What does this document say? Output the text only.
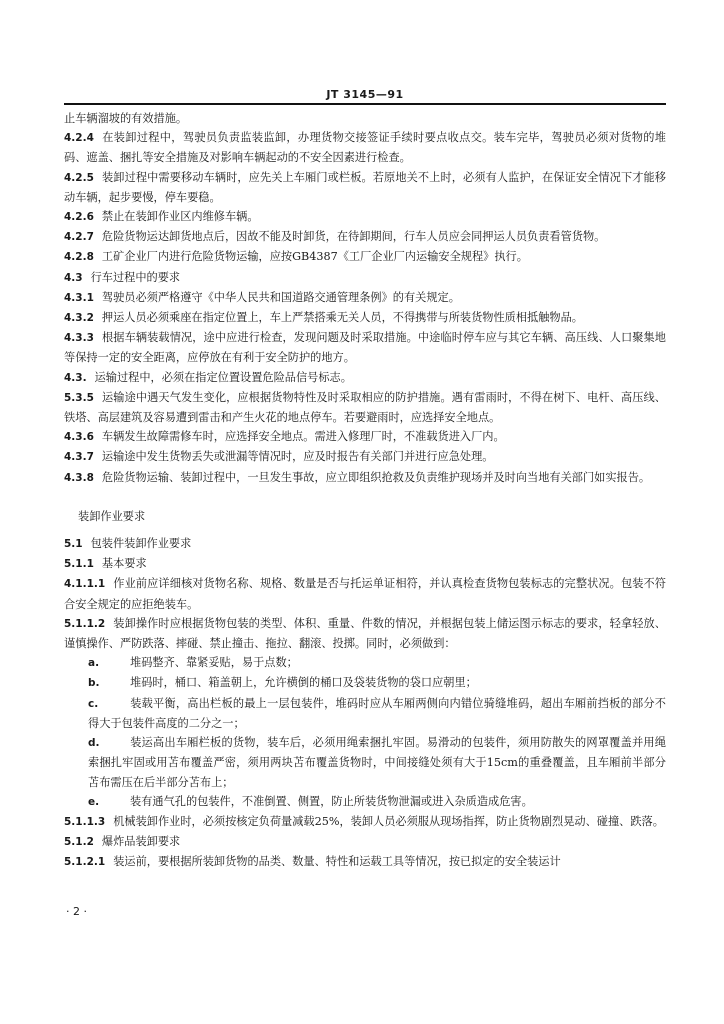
JT 3145—91

止车辆溜坡的有效措施。

4.2.4 在装卸过程中，驾驶员负责监装监卸，办理货物交接签证手续时要点收点交。装车完毕，驾驶员必须对货物的堆码、遮盖、捆扎等安全措施及对影响车辆起动的不安全因素进行检查。

4.2.5 装卸过程中需要移动车辆时，应先关上车厢门或栏板。若原地关不上时，必须有人监护，在保证安全情况下才能移动车辆，起步要慢，停车要稳。

4.2.6 禁止在装卸作业区内维修车辆。

4.2.7 危险货物运达卸货地点后，因故不能及时卸货，在待卸期间，行车人员应会同押运人员负责看管货物。

4.2.8 工矿企业厂内进行危险货物运输，应按GB4387《工厂企业厂内运输安全规程》执行。

4.3 行车过程中的要求

4.3.1 驾驶员必须严格遵守《中华人民共和国道路交通管理条例》的有关规定。

4.3.2 押运人员必须乘座在指定位置上，车上严禁搭乘无关人员，不得携带与所装货物性质相抵触物品。

4.3.3 根据车辆装载情况，途中应进行检查，发现问题及时采取措施。中途临时停车应与其它车辆、高压线、人口聚集地等保持一定的安全距离，应停放在有利于安全防护的地方。

4.3. 运输过程中，必须在指定位置设置危险品信号标志。

5.3.5 运输途中遇天气发生变化，应根据货物特性及时采取相应的防护措施。遇有雷雨时，不得在树下、电杆、高压线、铁塔、高层建筑及容易遭到雷击和产生火花的地点停车。若要避雨时，应选择安全地点。

4.3.6 车辆发生故障需修车时，应选择安全地点。需进入修理厂时，不准载货进入厂内。

4.3.7 运输途中发生货物丢失或泄漏等情况时，应及时报告有关部门并进行应急处理。

4.3.8 危险货物运输、装卸过程中，一旦发生事故，应立即组织抢救及负责维护现场并及时向当地有关部门如实报告。

装卸作业要求

5.1 包装件装卸作业要求

5.1.1 基本要求

4.1.1.1 作业前应详细核对货物名称、规格、数量是否与托运单证相符，并认真检查货物包装标志的完整状况。包装不符合安全规定的应拒绝装车。

5.1.1.2 装卸操作时应根据货物包装的类型、体积、重量、件数的情况，并根据包装上储运图示标志的要求，轻拿轻放、谨慎操作、严防跌落、摔碰、禁止撞击、拖拉、翻滚、投掷。同时，必须做到：

a.	堆码整齐、靠紧妥贴，易于点数；

b.	堆码时，桶口、箱盖朝上，允许横倒的桶口及袋装货物的袋口应朝里；

c.	装载平衡，高出栏板的最上一层包装件，堆码时应从车厢两侧向内错位骑缝堆码，超出车厢前挡板的部分不得大于包装件高度的二分之一；

d.	装运高出车厢栏板的货物，装车后，必须用绳索捆扎牢固。易滑动的包装件，须用防散失的网罩覆盖并用绳索捆扎牢固或用苫布覆盖严密，须用两块苫布覆盖货物时，中间接缝处须有大于15cm的重叠覆盖，且车厢前半部分苫布需压在后半部分苫布上；

e.	装有通气孔的包装件，不准倒置、侧置，防止所装货物泄漏或进入杂质造成危害。

5.1.1.3 机械装卸作业时，必须按核定负荷量减载25%，装卸人员必须服从现场指挥，防止货物剧烈晃动、碰撞、跌落。

5.1.2 爆炸品装卸要求

5.1.2.1 装运前，要根据所装卸货物的品类、数量、特性和运载工具等情况，按已拟定的安全装运计

· 2 ·
